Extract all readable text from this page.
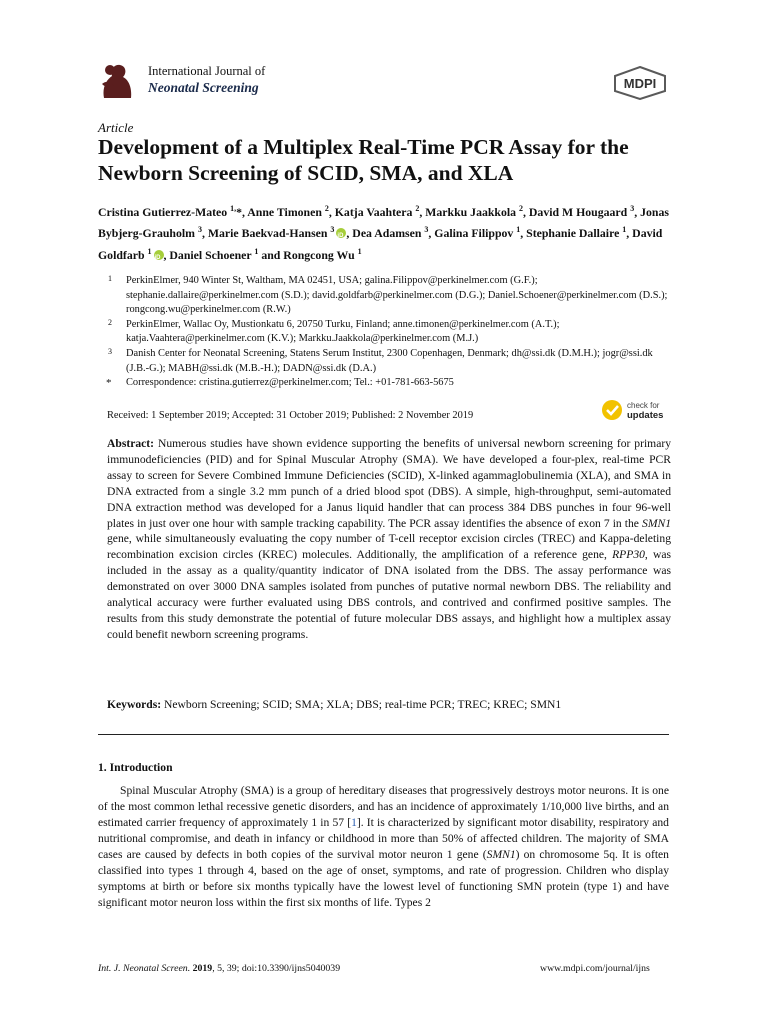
International Journal of
Neonatal Screening	MDPI
Article
Development of a Multiplex Real-Time PCR Assay for the Newborn Screening of SCID, SMA, and XLA
Cristina Gutierrez-Mateo $^{1,}$*, Anne Timonen $^2$, Katja Vaahtera $^2$, Markku Jaakkola $^2$, David M Hougaard $^3$, Jonas Bybjerg-Grauholm $^3$, Marie Baekvad-Hansen $^3$ iD , Dea Adamsen $^3$, Galina Filippov $^1$, Stephanie Dallaire $^1$, David Goldfarb $^1$ iD , Daniel Schoener $^1$ and Rongcong Wu $^1$
1 PerkinElmer, 940 Winter St, Waltham, MA 02451, USA; galina.Filippov@perkinelmer.com (G.F.); stephanie.dallaire@perkinelmer.com (S.D.); david.goldfarb@perkinelmer.com (D.G.); Daniel.Schoener@perkinelmer.com (D.S.); rongcong.wu@perkinelmer.com (R.W.)
2 PerkinElmer, Wallac Oy, Mustionkatu 6, 20750 Turku, Finland; anne.timonen@perkinelmer.com (A.T.); katja.Vaahtera@perkinelmer.com (K.V.); Markku.Jaakkola@perkinelmer.com (M.J.)
3 Danish Center for Neonatal Screening, Statens Serum Institut, 2300 Copenhagen, Denmark; dh@ssi.dk (D.M.H.); jogr@ssi.dk (J.B.-G.); MABH@ssi.dk (M.B.-H.); DADN@ssi.dk (D.A.)
* Correspondence: cristina.gutierrez@perkinelmer.com; Tel.: +01-781-663-5675
Received: 1 September 2019; Accepted: 31 October 2019; Published: 2 November 2019
check for
updates
Abstract: Numerous studies have shown evidence supporting the benefits of universal newborn screening for primary immunodeficiencies (PID) and for Spinal Muscular Atrophy (SMA). We have developed a four-plex, real-time PCR assay to screen for Severe Combined Immune Deficiencies (SCID), X-linked agammaglobulinemia (XLA), and SMA in DNA extracted from a single 3.2 mm punch of a dried blood spot (DBS). A simple, high-throughput, semi-automated DNA extraction method was developed for a Janus liquid handler that can process 384 DBS punches in four 96-well plates in just over one hour with sample tracking capability. The PCR assay identifies the absence of exon 7 in the SMN1 gene, while simultaneously evaluating the copy number of T-cell receptor excision circles (TREC) and Kappa-deleting recombination excision circles (KREC) molecules. Additionally, the amplification of a reference gene, RPP30, was included in the assay as a quality/quantity indicator of DNA isolated from the DBS. The assay performance was demonstrated on over 3000 DNA samples isolated from punches of putative normal newborn DBS. The reliability and analytical accuracy were further evaluated using DBS controls, and contrived and confirmed positive samples. The results from this study demonstrate the potential of future molecular DBS assays, and highlight how a multiplex assay could benefit newborn screening programs.
Keywords: Newborn Screening; SCID; SMA; XLA; DBS; real-time PCR; TREC; KREC; SMN1
1. Introduction
Spinal Muscular Atrophy (SMA) is a group of hereditary diseases that progressively destroys motor neurons. It is one of the most common lethal recessive genetic disorders, and has an incidence of approximately 1/10,000 live births, and an estimated carrier frequency of approximately 1 in 57 [1]. It is characterized by significant motor disability, respiratory and nutritional compromise, and death in infancy or childhood in more than 50% of affected children. The majority of SMA cases are caused by defects in both copies of the survival motor neuron 1 gene (SMN1) on chromosome 5q. It is often classified into types 1 through 4, based on the age of onset, symptoms, and rate of progression. Children who display symptoms at birth or before six months typically have the lowest level of functioning SMN protein (type 1) and have significant motor neuron loss within the first six months of life. Types 2
Int. J. Neonatal Screen. 2019, 5, 39; doi:10.3390/ijns5040039	www.mdpi.com/journal/ijns
